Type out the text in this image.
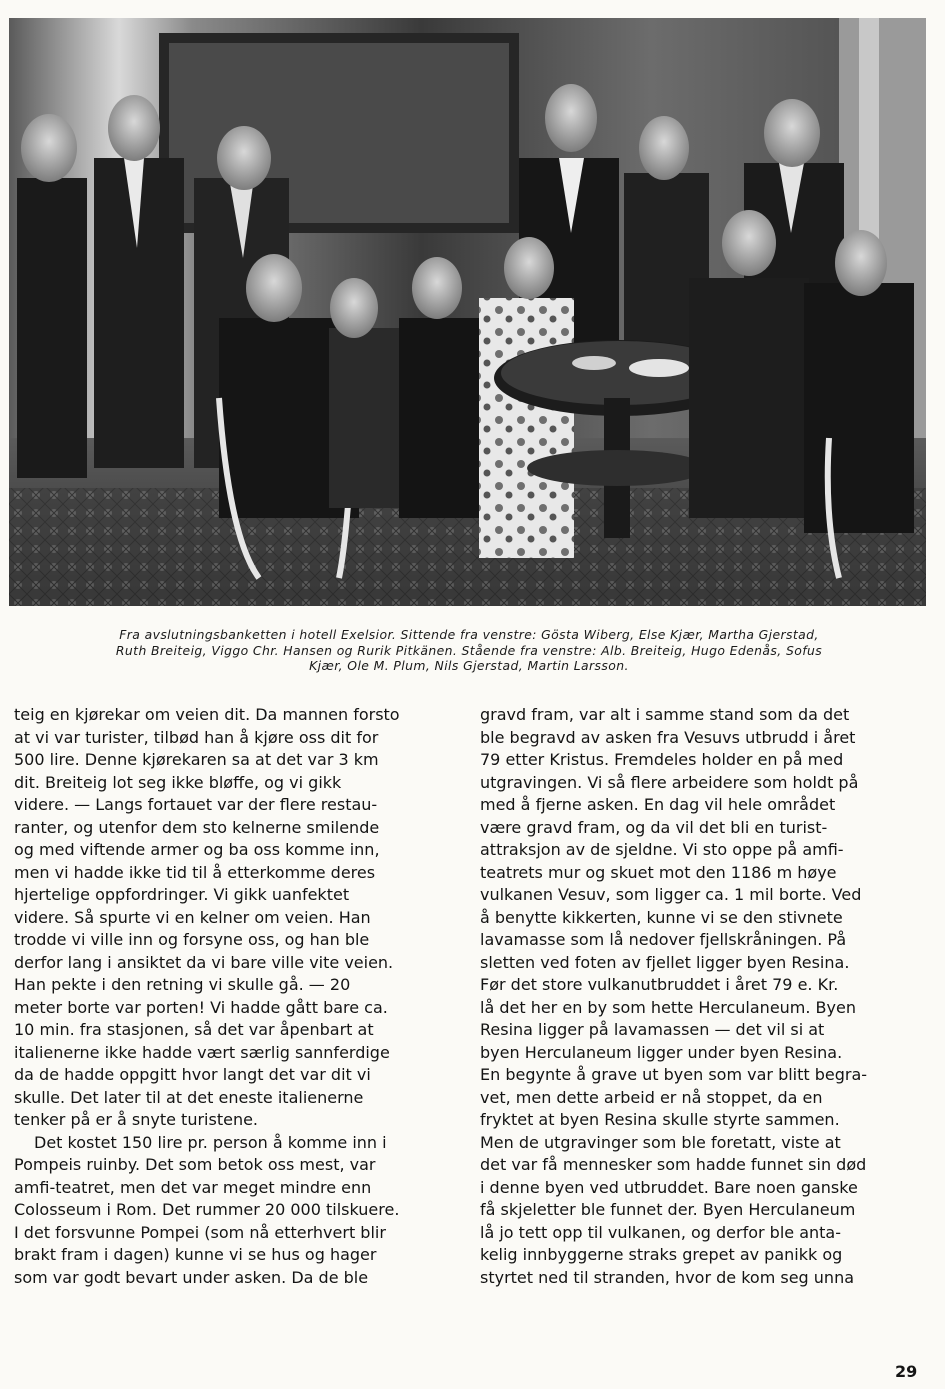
Fra avslutningsbanketten i hotell Exelsior. Sittende fra venstre: Gösta Wiberg, Else Kjær, Martha Gjerstad,
Ruth Breiteig, Viggo Chr. Hansen og Rurik Pitkänen. Stående fra venstre: Alb. Breiteig, Hugo Edenås, Sofus
Kjær, Ole M. Plum, Nils Gjerstad, Martin Larsson.

teig en kjørekar om veien dit. Da mannen forsto

at vi var turister, tilbød han å kjøre oss dit for

500 lire. Denne kjørekaren sa at det var 3 km

dit. Breiteig lot seg ikke bløffe, og vi gikk

videre. — Langs fortauet var der flere restau-

ranter, og utenfor dem sto kelnerne smilende

og med viftende armer og ba oss komme inn,

men vi hadde ikke tid til å etterkomme deres

hjertelige oppfordringer. Vi gikk uanfektet

videre. Så spurte vi en kelner om veien. Han

trodde vi ville inn og forsyne oss, og han ble

derfor lang i ansiktet da vi bare ville vite veien.

Han pekte i den retning vi skulle gå. — 20

meter borte var porten! Vi hadde gått bare ca.

10 min. fra stasjonen, så det var åpenbart at

italienerne ikke hadde vært særlig sannferdige

da de hadde oppgitt hvor langt det var dit vi

skulle. Det later til at det eneste italienerne

tenker på er å snyte turistene.

Det kostet 150 lire pr. person å komme inn i

Pompeis ruinby. Det som betok oss mest, var

amfi-teatret, men det var meget mindre enn

Colosseum i Rom. Det rummer 20 000 tilskuere.

I det forsvunne Pompei (som nå etterhvert blir

brakt fram i dagen) kunne vi se hus og hager

som var godt bevart under asken. Da de ble

gravd fram, var alt i samme stand som da det

ble begravd av asken fra Vesuvs utbrudd i året

79 etter Kristus. Fremdeles holder en på med

utgravingen. Vi så flere arbeidere som holdt på

med å fjerne asken. En dag vil hele området

være gravd fram, og da vil det bli en turist-

attraksjon av de sjeldne. Vi sto oppe på amfi-

teatrets mur og skuet mot den 1186 m høye

vulkanen Vesuv, som ligger ca. 1 mil borte. Ved

å benytte kikkerten, kunne vi se den stivnete

lavamasse som lå nedover fjellskråningen. På

sletten ved foten av fjellet ligger byen Resina.

Før det store vulkanutbruddet i året 79 e. Kr.

lå det her en by som hette Herculaneum. Byen

Resina ligger på lavamassen — det vil si at

byen Herculaneum ligger under byen Resina.

En begynte å grave ut byen som var blitt begra-

vet, men dette arbeid er nå stoppet, da en

fryktet at byen Resina skulle styrte sammen.

Men de utgravinger som ble foretatt, viste at

det var få mennesker som hadde funnet sin død

i denne byen ved utbruddet. Bare noen ganske

få skjeletter ble funnet der. Byen Herculaneum

lå jo tett opp til vulkanen, og derfor ble anta-

kelig innbyggerne straks grepet av panikk og

styrtet ned til stranden, hvor de kom seg unna

29
